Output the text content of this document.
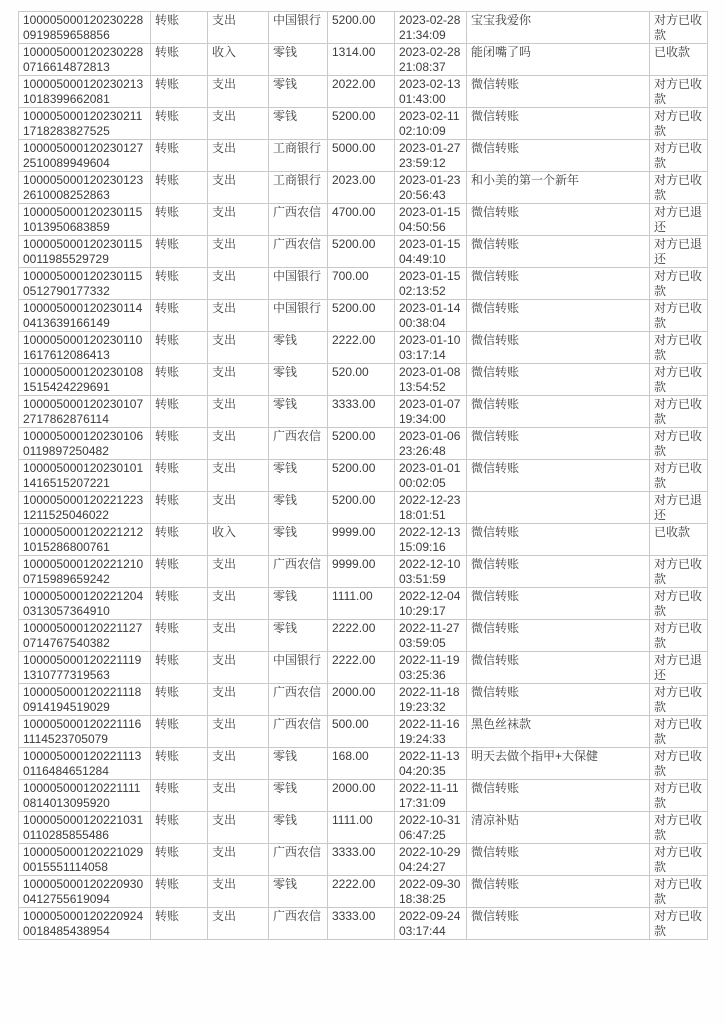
1000050001202302280919859658856	转账	支出	中国银行	5200.00	2023-02-28 21:34:09	宝宝我爱你	对方已收款
1000050001202302280716614872813	转账	收入	零钱	1314.00	2023-02-28 21:08:37	能闭嘴了吗	已收款
1000050001202302131018399662081	转账	支出	零钱	2022.00	2023-02-13 01:43:00	微信转账	对方已收款
1000050001202302111718283827525	转账	支出	零钱	5200.00	2023-02-11 02:10:09	微信转账	对方已收款
1000050001202301272510089949604	转账	支出	工商银行	5000.00	2023-01-27 23:59:12	微信转账	对方已收款
1000050001202301232610008252863	转账	支出	工商银行	2023.00	2023-01-23 20:56:43	和小美的第一个新年	对方已收款
1000050001202301151013950683859	转账	支出	广西农信	4700.00	2023-01-15 04:50:56	微信转账	对方已退还
1000050001202301150011985529729	转账	支出	广西农信	5200.00	2023-01-15 04:49:10	微信转账	对方已退还
1000050001202301150512790177332	转账	支出	中国银行	700.00	2023-01-15 02:13:52	微信转账	对方已收款
1000050001202301140413639166149	转账	支出	中国银行	5200.00	2023-01-14 00:38:04	微信转账	对方已收款
1000050001202301101617612086413	转账	支出	零钱	2222.00	2023-01-10 03:17:14	微信转账	对方已收款
1000050001202301081515424229691	转账	支出	零钱	520.00	2023-01-08 13:54:52	微信转账	对方已收款
1000050001202301072717862876114	转账	支出	零钱	3333.00	2023-01-07 19:34:00	微信转账	对方已收款
1000050001202301060119897250482	转账	支出	广西农信	5200.00	2023-01-06 23:26:48	微信转账	对方已收款
1000050001202301011416515207221	转账	支出	零钱	5200.00	2023-01-01 00:02:05	微信转账	对方已收款
1000050001202212231211525046022	转账	支出	零钱	5200.00	2022-12-23 18:01:51		对方已退还
1000050001202212121015286800761	转账	收入	零钱	9999.00	2022-12-13 15:09:16	微信转账	已收款
1000050001202212100715989659242	转账	支出	广西农信	9999.00	2022-12-10 03:51:59	微信转账	对方已收款
1000050001202212040313057364910	转账	支出	零钱	1111.00	2022-12-04 10:29:17	微信转账	对方已收款
1000050001202211270714767540382	转账	支出	零钱	2222.00	2022-11-27 03:59:05	微信转账	对方已收款
1000050001202211191310777319563	转账	支出	中国银行	2222.00	2022-11-19 03:25:36	微信转账	对方已退还
1000050001202211180914194519029	转账	支出	广西农信	2000.00	2022-11-18 19:23:32	微信转账	对方已收款
1000050001202211161114523705079	转账	支出	广西农信	500.00	2022-11-16 19:24:33	黑色丝袜款	对方已收款
1000050001202211130116484651284	转账	支出	零钱	168.00	2022-11-13 04:20:35	明天去做个指甲+大保健	对方已收款
1000050001202211110814013095920	转账	支出	零钱	2000.00	2022-11-11 17:31:09	微信转账	对方已收款
1000050001202210310110285855486	转账	支出	零钱	1111.00	2022-10-31 06:47:25	清凉补贴	对方已收款
1000050001202210290015551114058	转账	支出	广西农信	3333.00	2022-10-29 04:24:27	微信转账	对方已收款
1000050001202209300412755619094	转账	支出	零钱	2222.00	2022-09-30 18:38:25	微信转账	对方已收款
1000050001202209240018485438954	转账	支出	广西农信	3333.00	2022-09-24 03:17:44	微信转账	对方已收款
